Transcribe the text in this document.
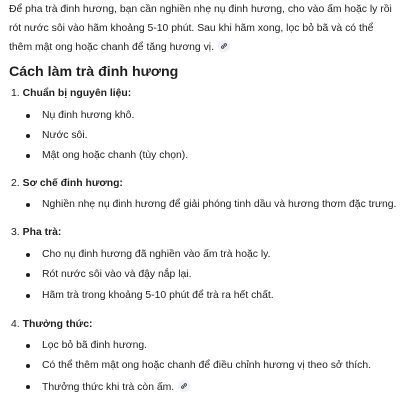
Để pha trà đinh hương, bạn cần nghiền nhẹ nụ đinh hương, cho vào ấm hoặc ly rồi rót nước sôi vào hãm khoảng 5-10 phút. Sau khi hãm xong, lọc bỏ bã và có thể thêm mật ong hoặc chanh để tăng hương vị.

Cách làm trà đinh hương
1. Chuẩn bị nguyên liệu:
Nụ đinh hương khô.
Nước sôi.
Mật ong hoặc chanh (tùy chọn).
2. Sơ chế đinh hương:
Nghiền nhẹ nụ đinh hương để giải phóng tinh dầu và hương thơm đặc trưng.
3. Pha trà:
Cho nụ đinh hương đã nghiền vào ấm trà hoặc ly.
Rót nước sôi vào và đậy nắp lại.
Hãm trà trong khoảng 5-10 phút để trà ra hết chất.
4. Thưởng thức:
Lọc bỏ bã đinh hương.
Có thể thêm mật ong hoặc chanh để điều chỉnh hương vị theo sở thích.
Thưởng thức khi trà còn ấm.
